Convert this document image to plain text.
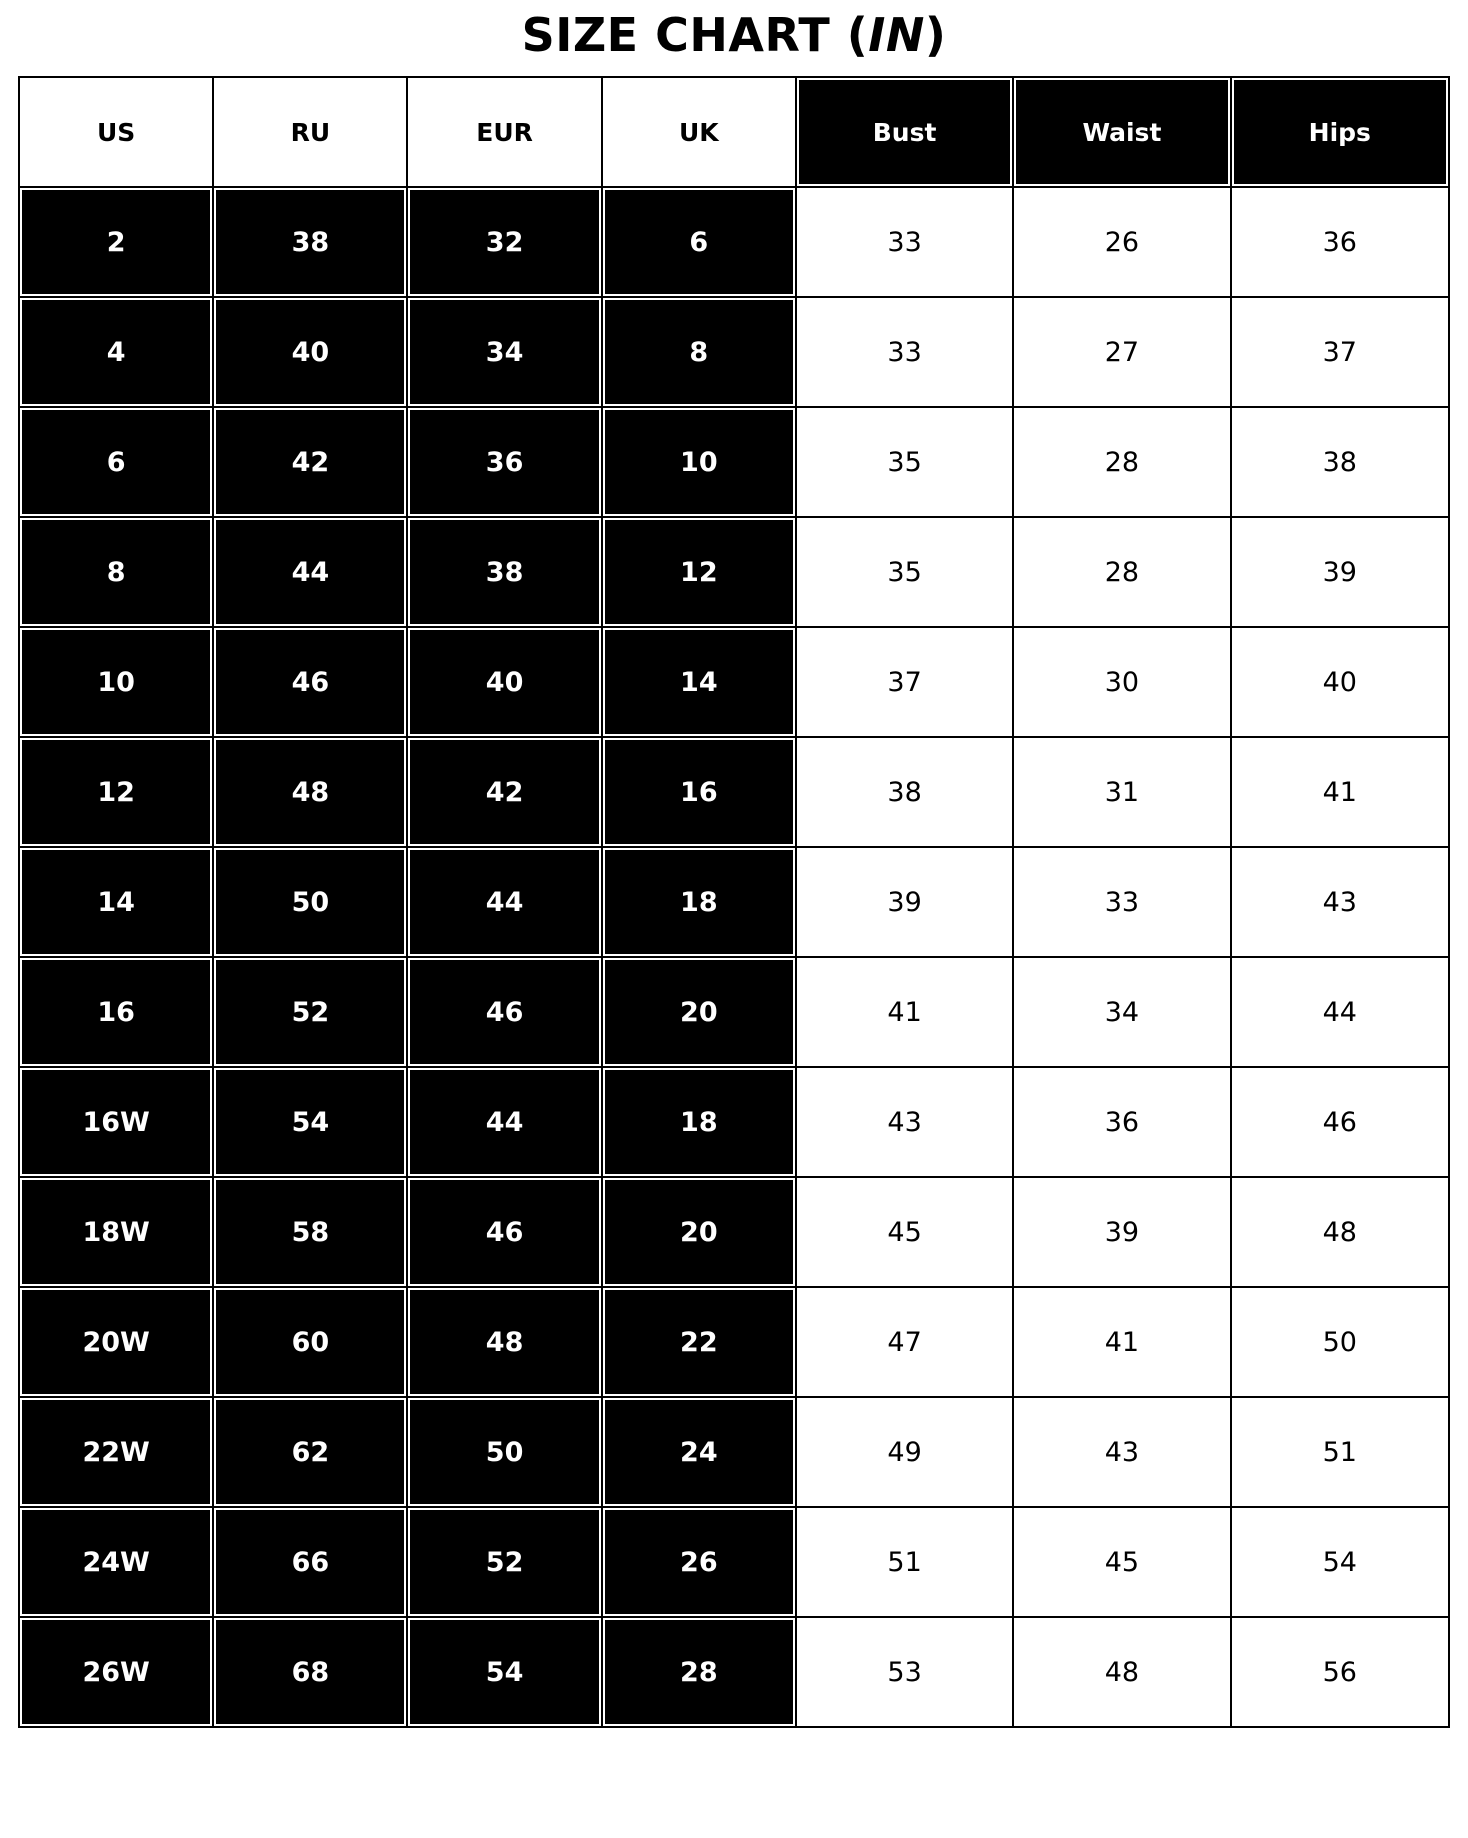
SIZE CHART (IN)
US	RU	EUR	UK	Bust	Waist	Hips
2	38	32	6	33	26	36
4	40	34	8	33	27	37
6	42	36	10	35	28	38
8	44	38	12	35	28	39
10	46	40	14	37	30	40
12	48	42	16	38	31	41
14	50	44	18	39	33	43
16	52	46	20	41	34	44
16W	54	44	18	43	36	46
18W	58	46	20	45	39	48
20W	60	48	22	47	41	50
22W	62	50	24	49	43	51
24W	66	52	26	51	45	54
26W	68	54	28	53	48	56
